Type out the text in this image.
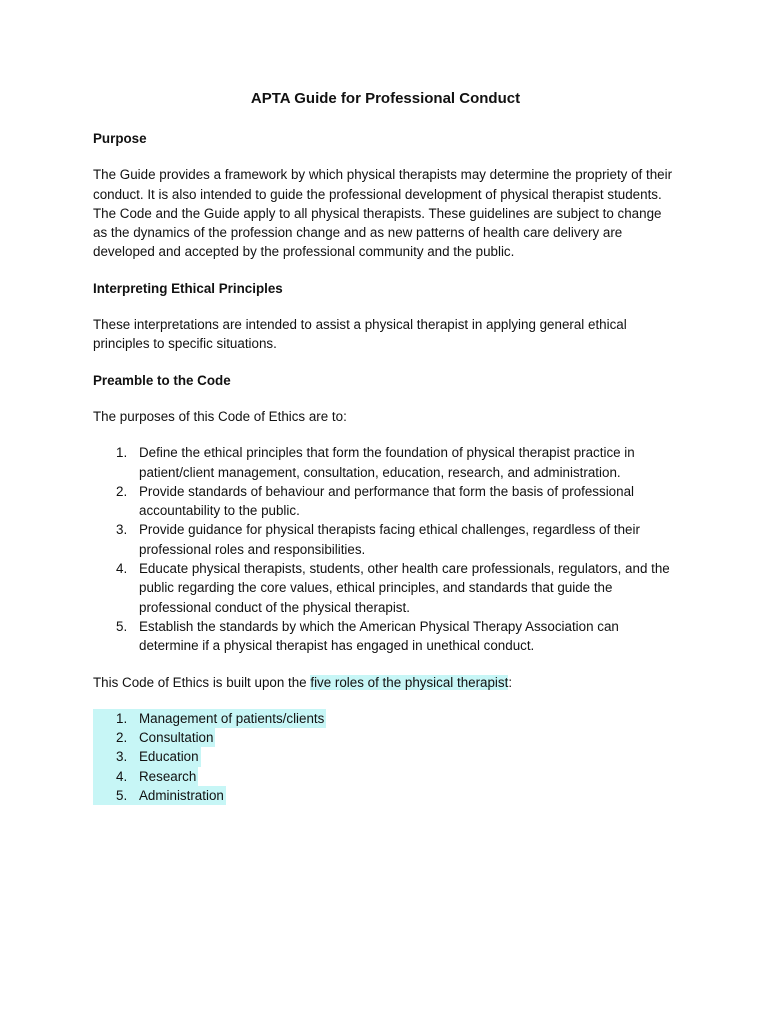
APTA Guide for Professional Conduct
Purpose

The Guide provides a framework by which physical therapists may determine the propriety of their conduct. It is also intended to guide the professional development of physical therapist students. The Code and the Guide apply to all physical therapists. These guidelines are subject to change as the dynamics of the profession change and as new patterns of health care delivery are developed and accepted by the professional community and the public.

Interpreting Ethical Principles

These interpretations are intended to assist a physical therapist in applying general ethical principles to specific situations.

Preamble to the Code

The purposes of this Code of Ethics are to:

1. Define the ethical principles that form the foundation of physical therapist practice in patient/client management, consultation, education, research, and administration.
2. Provide standards of behaviour and performance that form the basis of professional accountability to the public.
3. Provide guidance for physical therapists facing ethical challenges, regardless of their professional roles and responsibilities.
4. Educate physical therapists, students, other health care professionals, regulators, and the public regarding the core values, ethical principles, and standards that guide the professional conduct of the physical therapist.
5. Establish the standards by which the American Physical Therapy Association can determine if a physical therapist has engaged in unethical conduct.

This Code of Ethics is built upon the five roles of the physical therapist:

1. Management of patients/clients
2. Consultation
3. Education
4. Research
5. Administration
